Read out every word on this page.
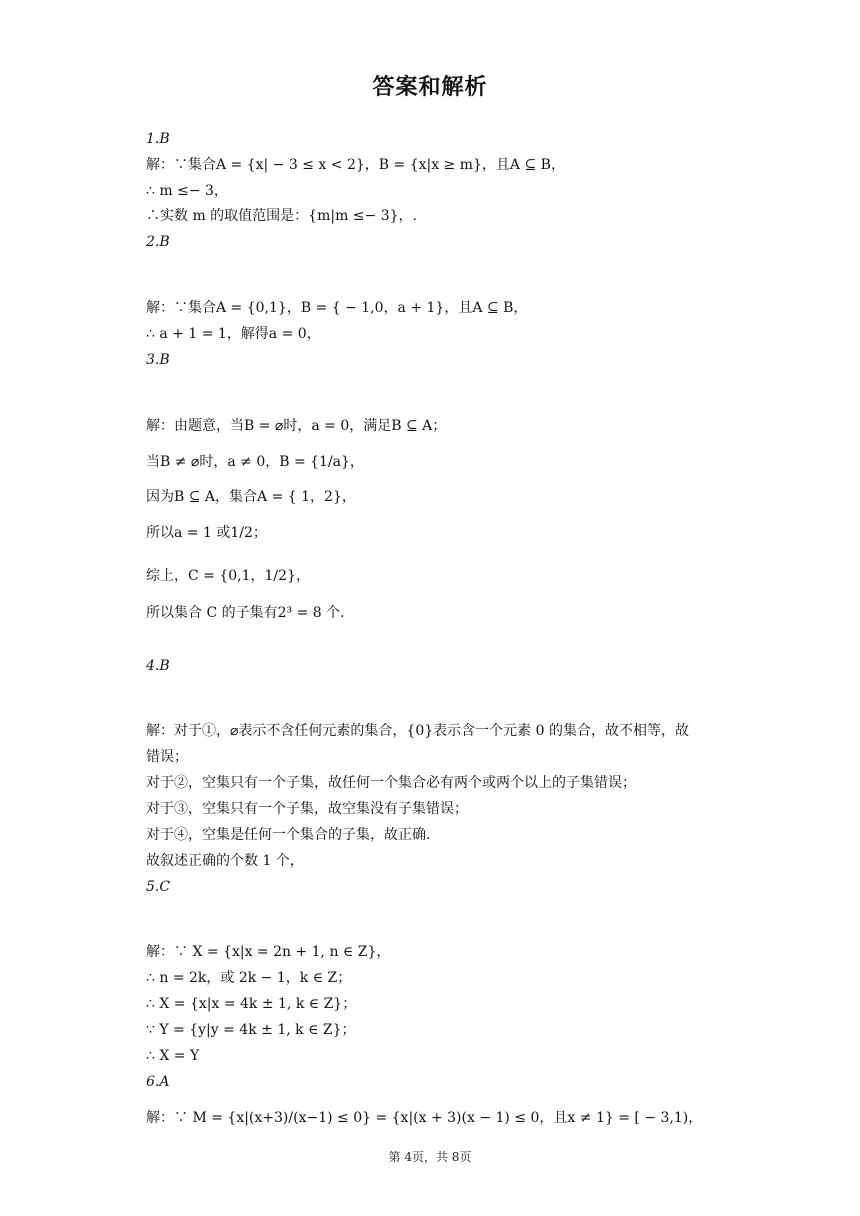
答案和解析
1.B
解：∵集合A = {x| − 3 ≤ x < 2}，B = {x|x ≥ m}，且A ⊆ B，
∴ m ≤− 3，
∴实数 m 的取值范围是：{m|m ≤− 3}，.
2.B
解：∵集合A = {0,1}，B = { − 1,0，a + 1}，且A ⊆ B，
∴ a + 1 = 1，解得a = 0，
3.B
解：由题意，当B = ⌀时，a = 0，满足B ⊆ A；
当B ≠ ⌀时，a ≠ 0，B = {1/a}，
因为B ⊆ A，集合A = { 1，2}，
所以a = 1 或1/2；
综上，C = {0,1，1/2}，
所以集合 C 的子集有2³ = 8 个.
4.B
解：对于①，⌀表示不含任何元素的集合，{0}表示含一个元素 0 的集合，故不相等，故
错误；
对于②，空集只有一个子集，故任何一个集合必有两个或两个以上的子集错误；
对于③，空集只有一个子集，故空集没有子集错误；
对于④，空集是任何一个集合的子集，故正确.
故叙述正确的个数 1 个，
5.C
解：∵ X = {x|x = 2n + 1, n ∈ Z}，
∴ n = 2k，或 2k − 1，k ∈ Z；
∴ X = {x|x = 4k ± 1, k ∈ Z}；
∵ Y = {y|y = 4k ± 1, k ∈ Z}；
∴ X = Y
6.A
解：∵ M = {x|(x+3)/(x−1) ≤ 0} = {x|(x + 3)(x − 1) ≤ 0，且x ≠ 1} = [ − 3,1)，
第 4页，共 8页
